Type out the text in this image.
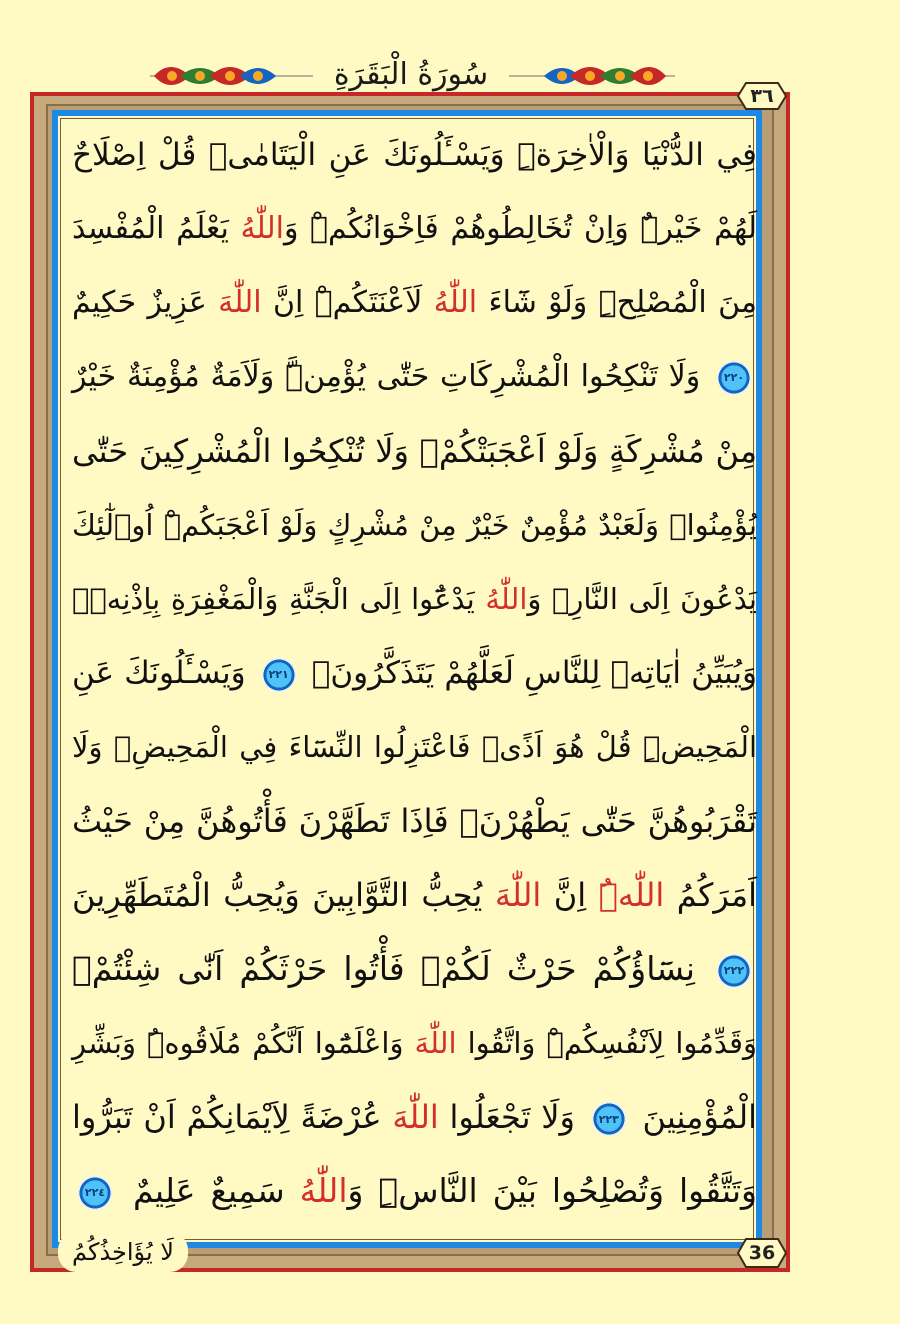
سُورَةُ الْبَقَرَةِ
٣٦
فِي الدُّنْيَا وَالْاٰخِرَةِۜ وَيَسْـَٔلُونَكَ عَنِ الْيَتَامٰىۜ قُلْ اِصْلَاحٌ
لَهُمْ خَيْرٌۜ وَاِنْ تُخَالِطُوهُمْ فَاِخْوَانُكُمْۜ وَاللّٰهُ يَعْلَمُ الْمُفْسِدَ
مِنَ الْمُصْلِحِۜ وَلَوْ شَٓاءَ اللّٰهُ لَاَعْنَتَكُمْۜ اِنَّ اللّٰهَ عَزِيزٌ حَكِيمٌ
٢٢٠ وَلَا تَنْكِحُوا الْمُشْرِكَاتِ حَتّٰى يُؤْمِنَّۜ وَلَاَمَةٌ مُؤْمِنَةٌ خَيْرٌ
مِنْ مُشْرِكَةٍ وَلَوْ اَعْجَبَتْكُمْۚ وَلَا تُنْكِحُوا الْمُشْرِكِينَ حَتّٰى
يُؤْمِنُواۜ وَلَعَبْدٌ مُؤْمِنٌ خَيْرٌ مِنْ مُشْرِكٍ وَلَوْ اَعْجَبَكُمْۜ اُو۬لٰٓئِكَ
يَدْعُونَ اِلَى النَّارِۚ وَاللّٰهُ يَدْعُٓوا اِلَى الْجَنَّةِ وَالْمَغْفِرَةِ بِاِذْنِهٖۚ
وَيُبَيِّنُ اٰيَاتِهٖ لِلنَّاسِ لَعَلَّهُمْ يَتَذَكَّرُونَ۟ ٢٢١ وَيَسْـَٔلُونَكَ عَنِ
الْمَحِيضِۜ قُلْ هُوَ اَذًىۙ فَاعْتَزِلُوا النِّسَٓاءَ فِي الْمَحِيضِۙ وَلَا
تَقْرَبُوهُنَّ حَتّٰى يَطْهُرْنَۚ فَاِذَا تَطَهَّرْنَ فَأْتُوهُنَّ مِنْ حَيْثُ
اَمَرَكُمُ اللّٰهُۜ اِنَّ اللّٰهَ يُحِبُّ التَّوَّابِينَ وَيُحِبُّ الْمُتَطَهِّرِينَ
٢٢٢ نِسَٓاؤُكُمْ حَرْثٌ لَكُمْۖ فَأْتُوا حَرْثَكُمْ اَنّٰى شِئْتُمْۘ
وَقَدِّمُوا لِاَنْفُسِكُمْۜ وَاتَّقُوا اللّٰهَ وَاعْلَمُٓوا اَنَّكُمْ مُلَاقُوهُۜ وَبَشِّرِ
الْمُؤْمِنِينَ ٢٢٣ وَلَا تَجْعَلُوا اللّٰهَ عُرْضَةً لِاَيْمَانِكُمْ اَنْ تَبَرُّوا
وَتَتَّقُوا وَتُصْلِحُوا بَيْنَ النَّاسِۜ وَاللّٰهُ سَمِيعٌ عَلِيمٌ ٢٢٤
36
لَا يُؤَاخِذُكُمُ
